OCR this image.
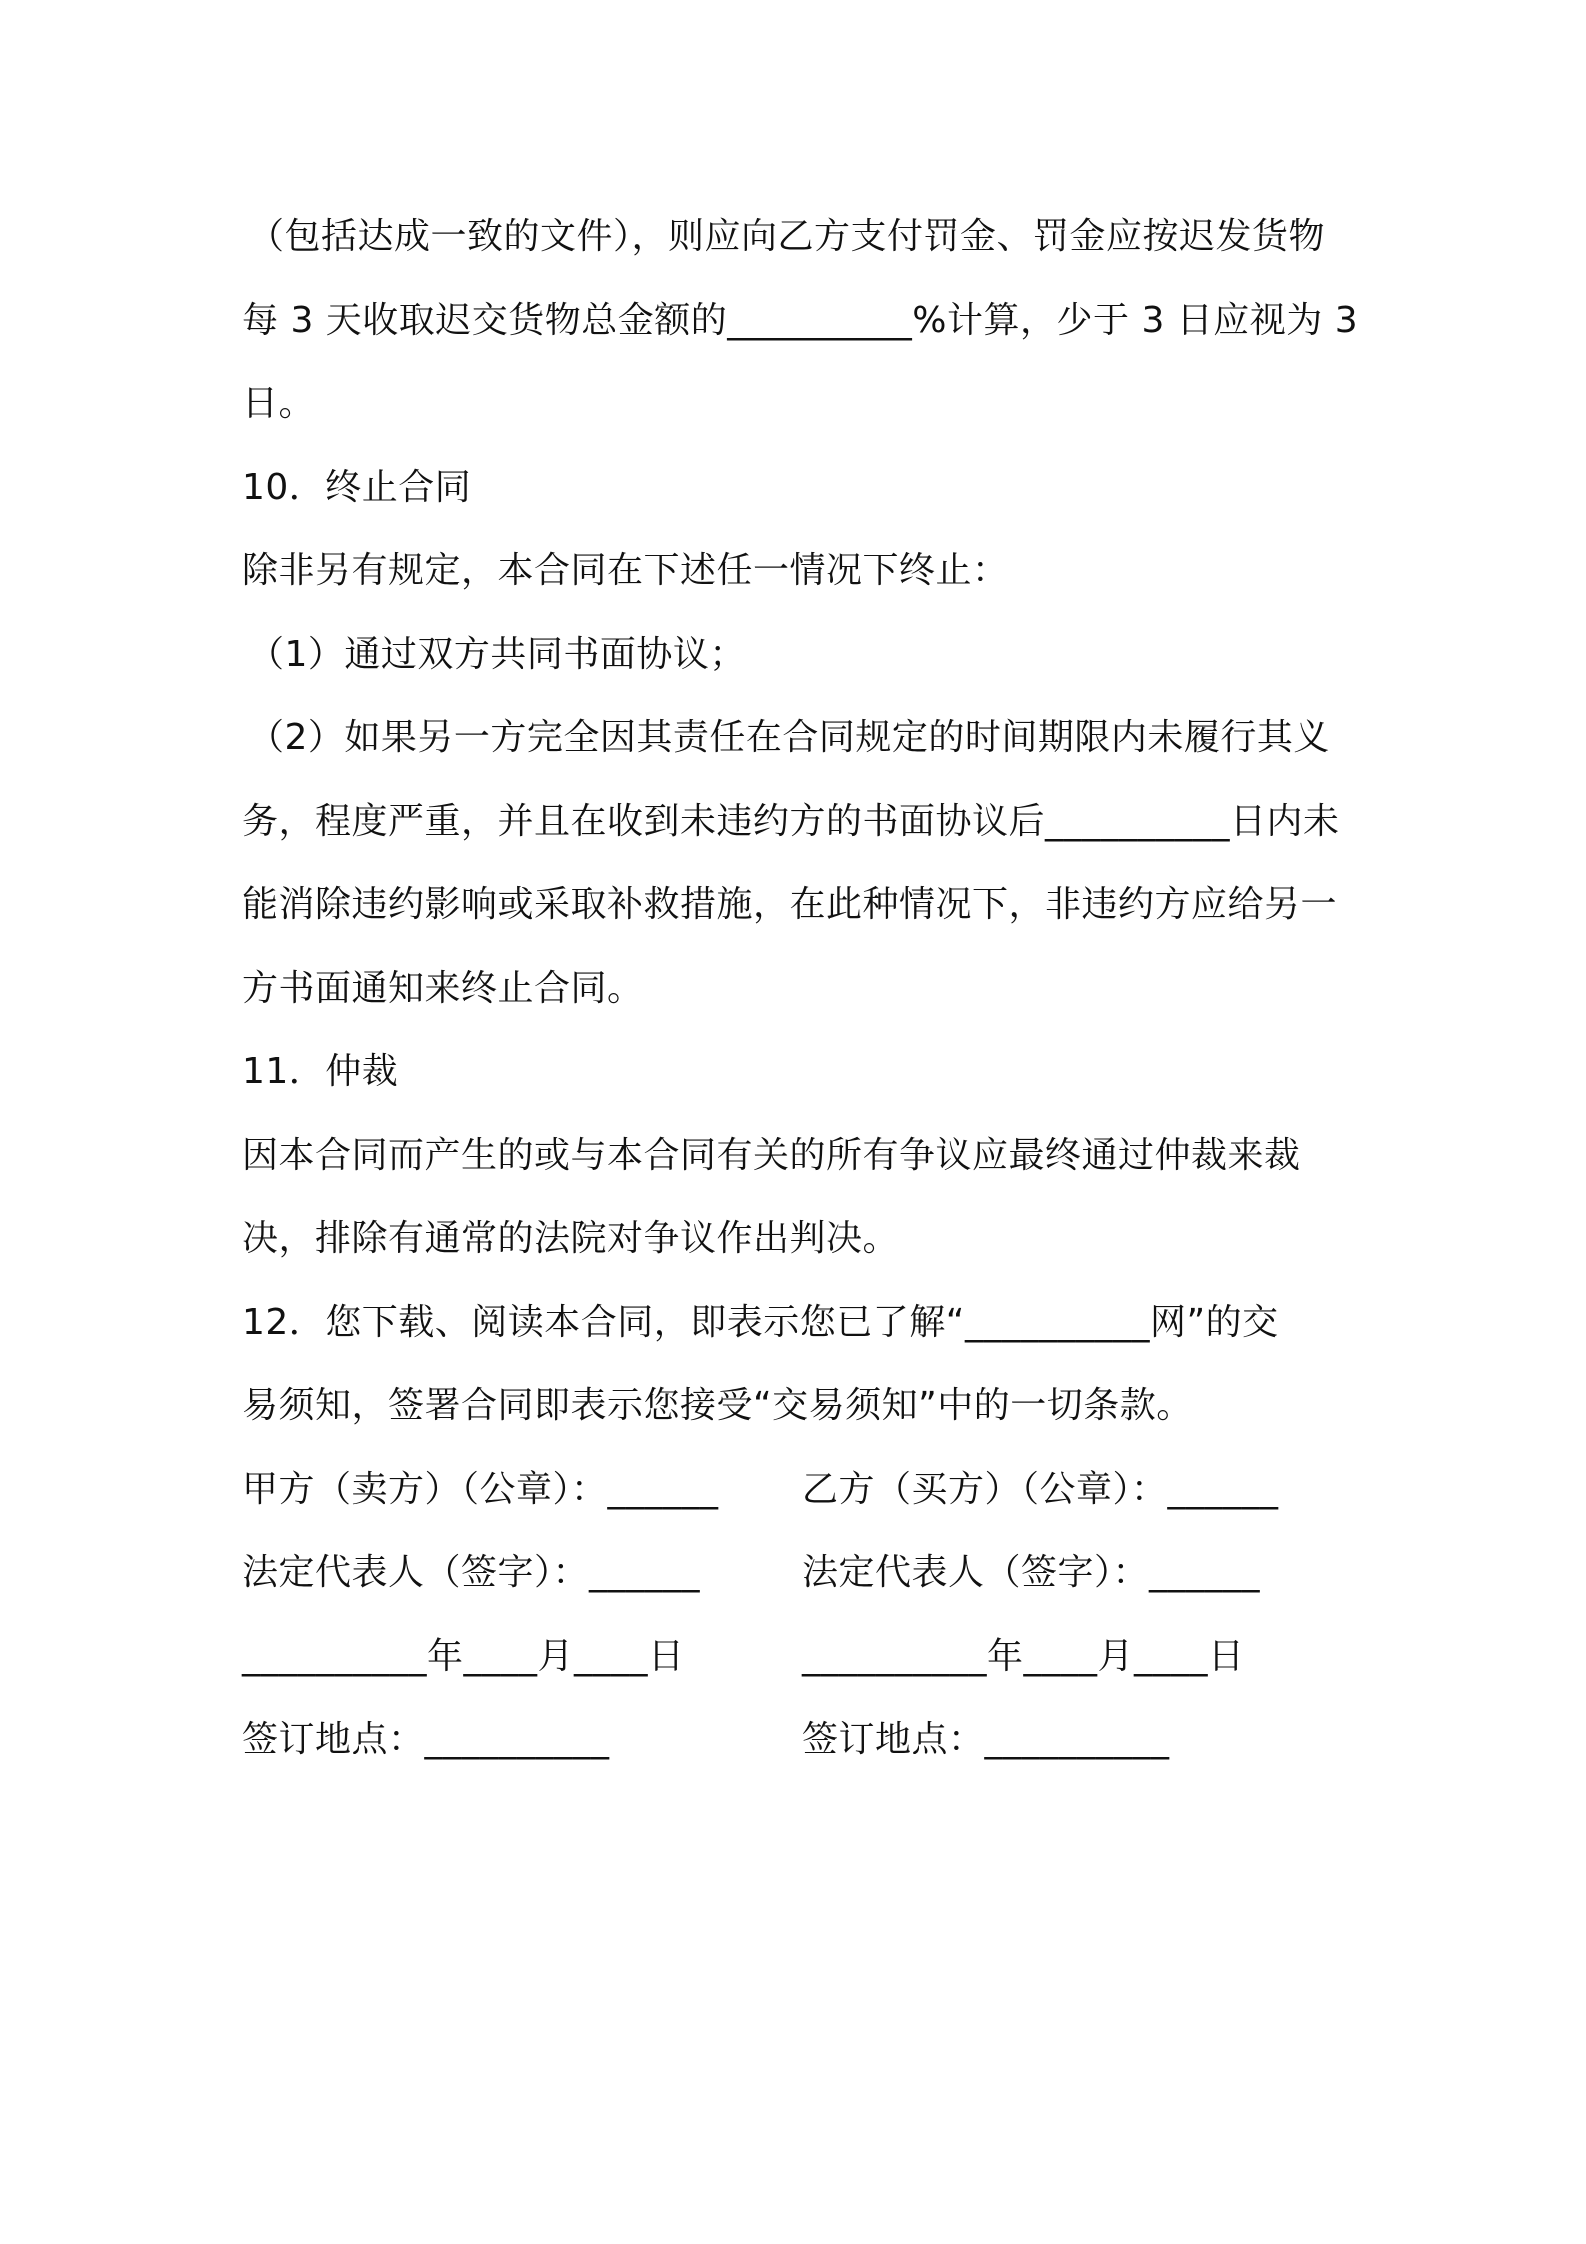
（包括达成一致的文件），则应向乙方支付罚金、罚金应按迟发货物
每 3 天收取迟交货物总金额的__________%计算，少于 3 日应视为 3
日。
10．终止合同
除非另有规定，本合同在下述任一情况下终止：
（1）通过双方共同书面协议；
（2）如果另一方完全因其责任在合同规定的时间期限内未履行其义
务，程度严重，并且在收到未违约方的书面协议后__________日内未
能消除违约影响或采取补救措施，在此种情况下，非违约方应给另一
方书面通知来终止合同。
11．仲裁
因本合同而产生的或与本合同有关的所有争议应最终通过仲裁来裁
决，排除有通常的法院对争议作出判决。
12．您下载、阅读本合同，即表示您已了解“__________网”的交
易须知，签署合同即表示您接受“交易须知”中的一切条款。
甲方（卖方）（公章）：______	乙方（买方）（公章）：______
法定代表人（签字）：______	法定代表人（签字）：______
__________年____月____日	__________年____月____日
签订地点：__________	签订地点：__________
